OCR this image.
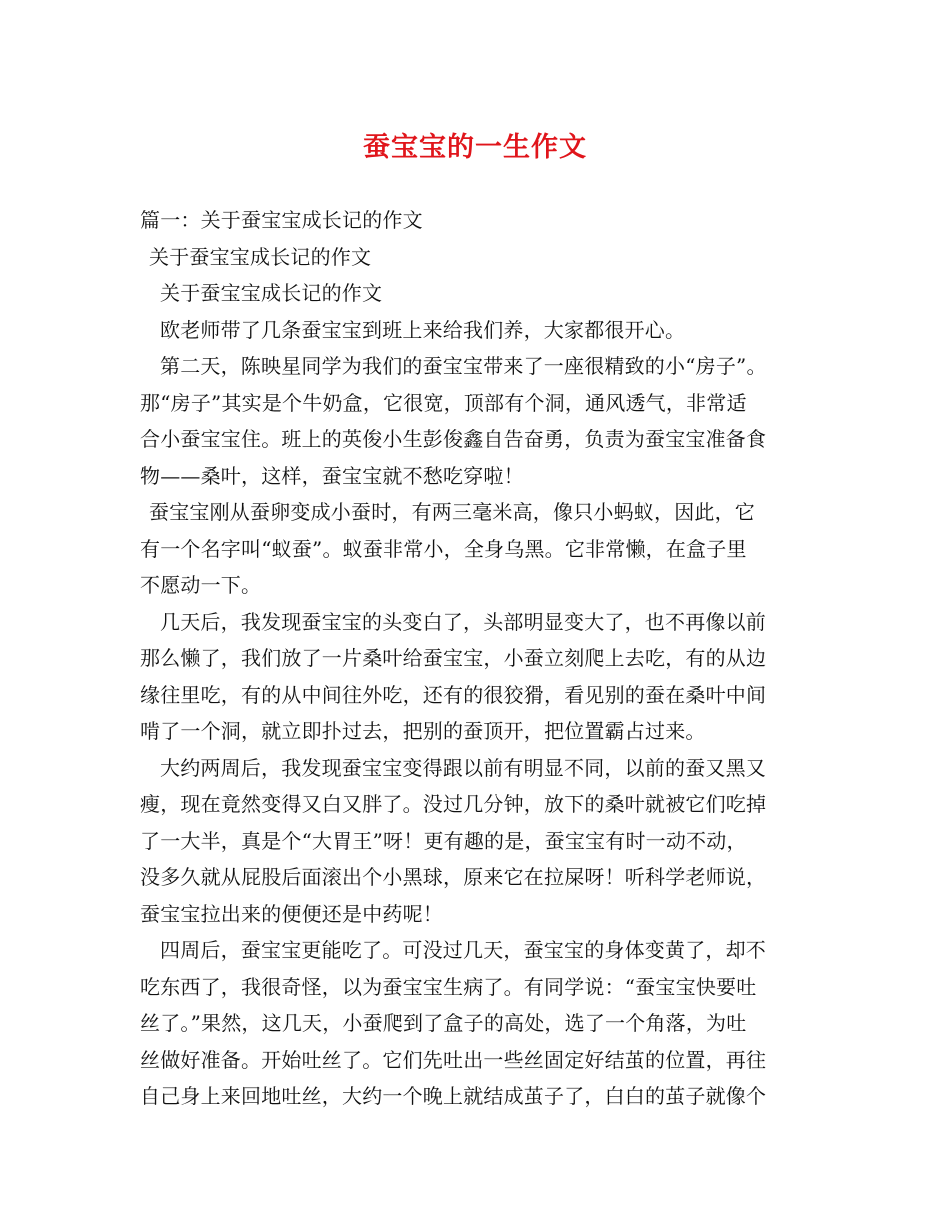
蚕宝宝的一生作文
篇一：关于蚕宝宝成长记的作文
关于蚕宝宝成长记的作文
关于蚕宝宝成长记的作文
欧老师带了几条蚕宝宝到班上来给我们养，大家都很开心。
第二天，陈映星同学为我们的蚕宝宝带来了一座很精致的小“房子”。
那“房子”其实是个牛奶盒，它很宽，顶部有个洞，通风透气，非常适
合小蚕宝宝住。班上的英俊小生彭俊鑫自告奋勇，负责为蚕宝宝准备食
物——桑叶，这样，蚕宝宝就不愁吃穿啦！
蚕宝宝刚从蚕卵变成小蚕时，有两三毫米高，像只小蚂蚁，因此，它
有一个名字叫“蚁蚕”。蚁蚕非常小，全身乌黑。它非常懒，在盒子里
不愿动一下。
几天后，我发现蚕宝宝的头变白了，头部明显变大了，也不再像以前
那么懒了，我们放了一片桑叶给蚕宝宝，小蚕立刻爬上去吃，有的从边
缘往里吃，有的从中间往外吃，还有的很狡猾，看见别的蚕在桑叶中间
啃了一个洞，就立即扑过去，把别的蚕顶开，把位置霸占过来。
大约两周后，我发现蚕宝宝变得跟以前有明显不同，以前的蚕又黑又
瘦，现在竟然变得又白又胖了。没过几分钟，放下的桑叶就被它们吃掉
了一大半，真是个“大胃王”呀！更有趣的是，蚕宝宝有时一动不动，
没多久就从屁股后面滚出个小黑球，原来它在拉屎呀！听科学老师说，
蚕宝宝拉出来的便便还是中药呢！
四周后，蚕宝宝更能吃了。可没过几天，蚕宝宝的身体变黄了，却不
吃东西了，我很奇怪，以为蚕宝宝生病了。有同学说：“蚕宝宝快要吐
丝了。”果然，这几天，小蚕爬到了盒子的高处，选了一个角落，为吐
丝做好准备。开始吐丝了。它们先吐出一些丝固定好结茧的位置，再往
自己身上来回地吐丝，大约一个晚上就结成茧子了，白白的茧子就像个
